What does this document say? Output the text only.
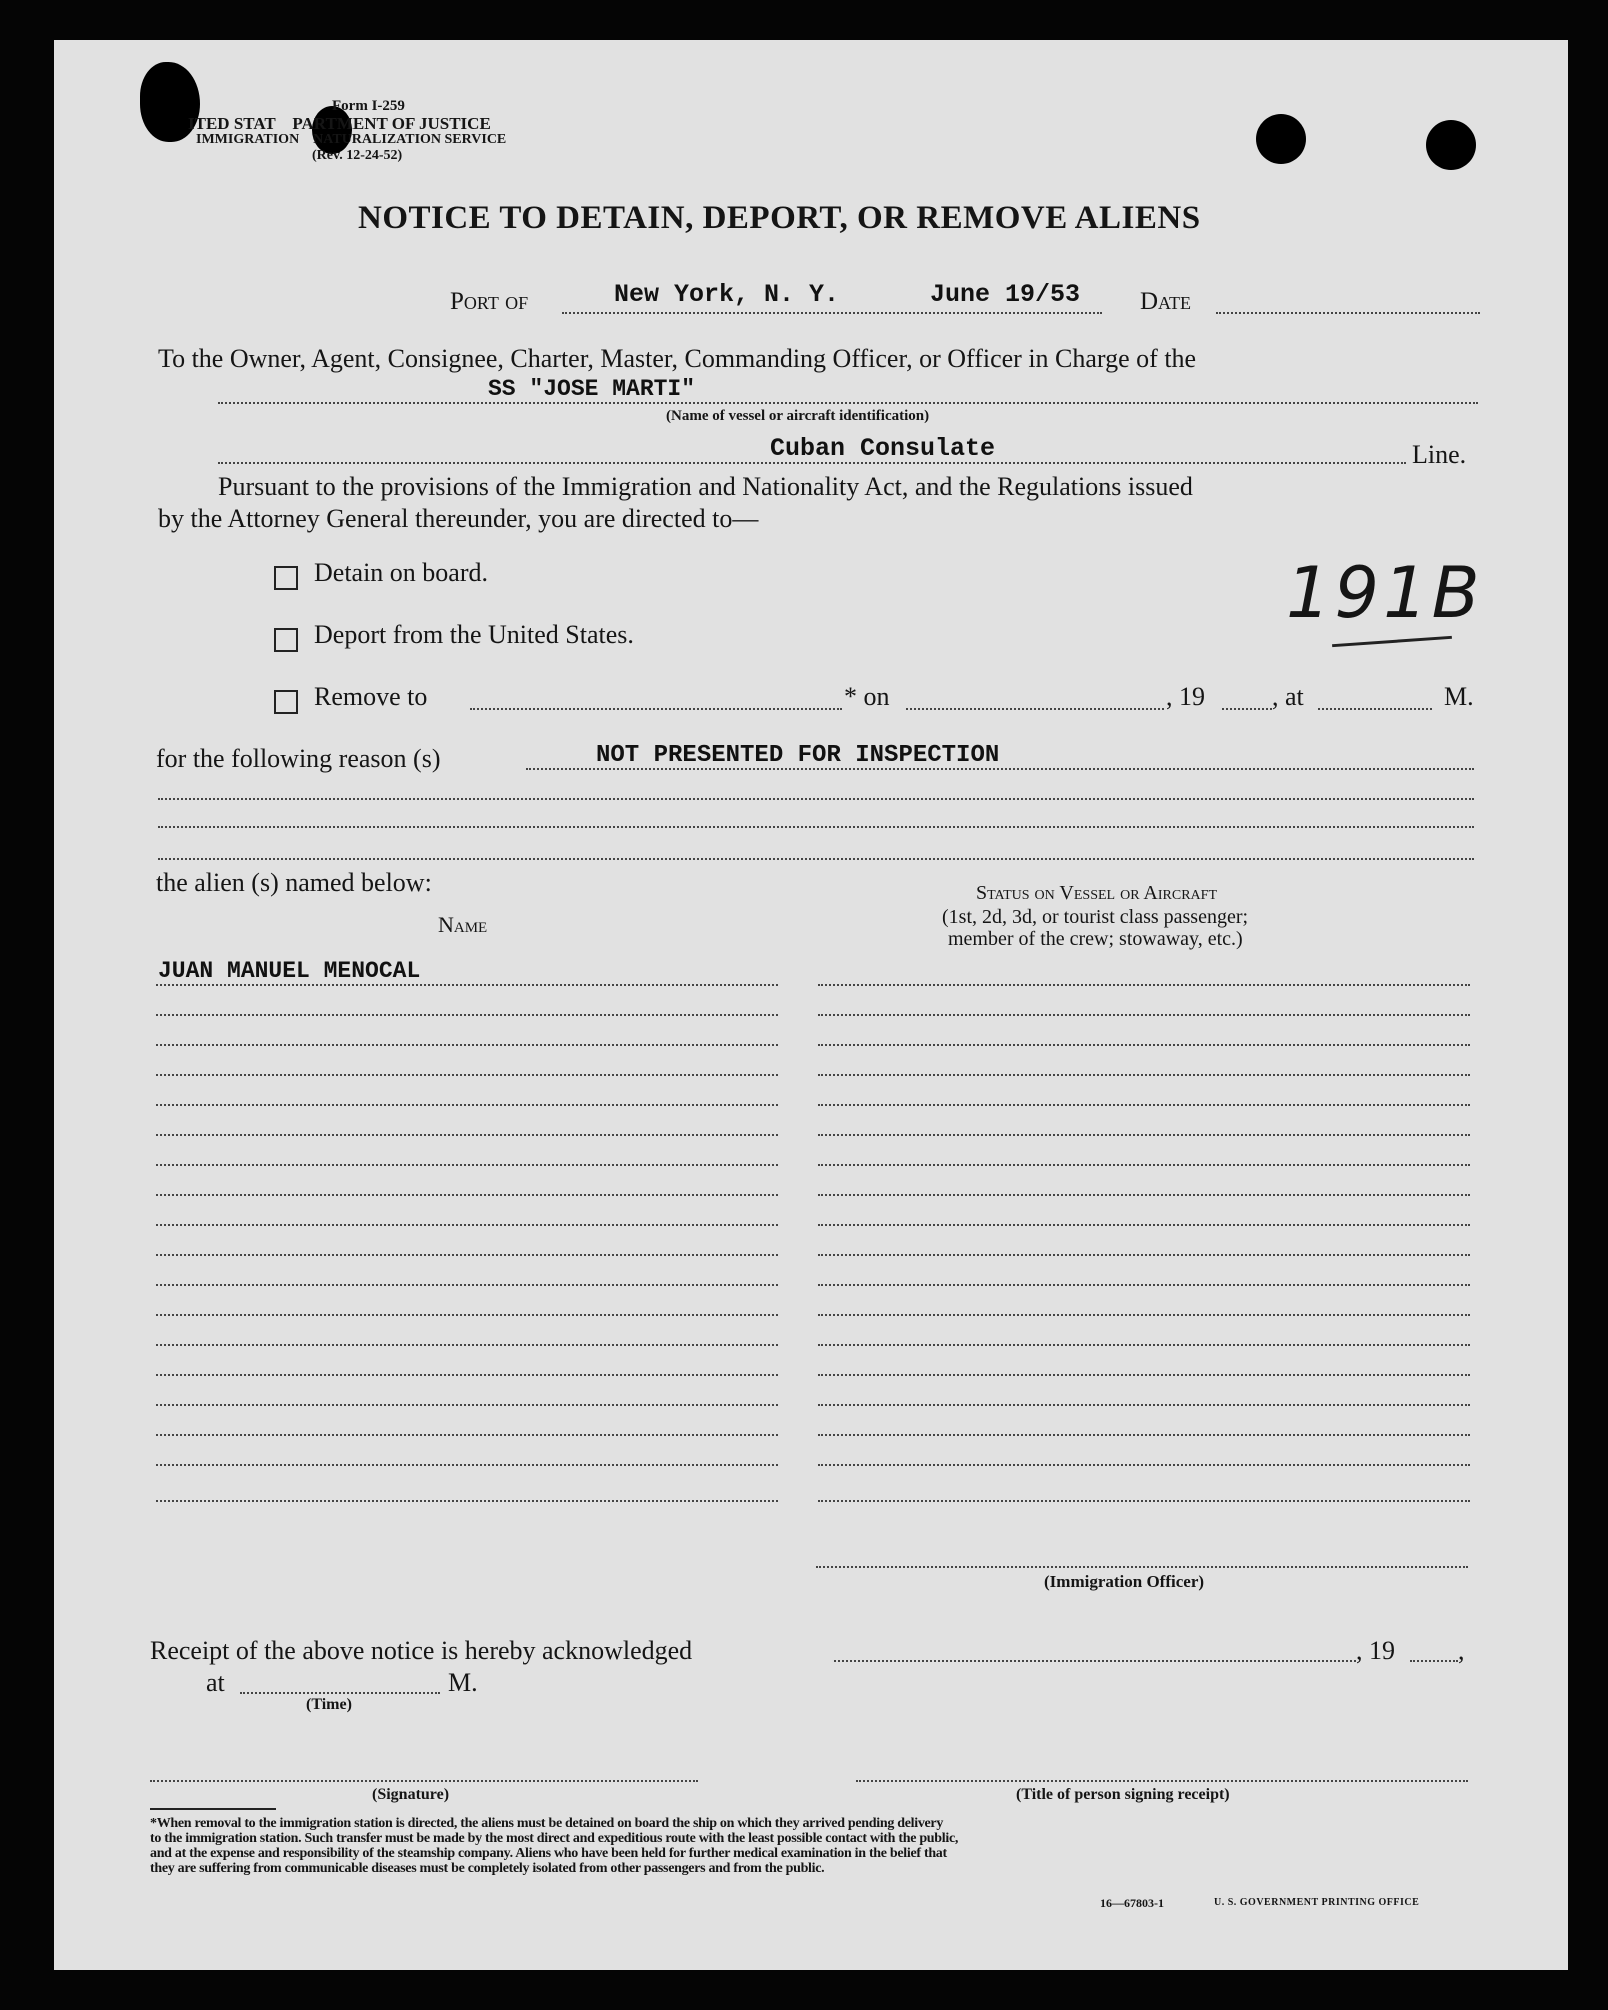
Form I-259
ITED STAT    PARTMENT OF JUSTICE
IMMIGRATION    NATURALIZATION SERVICE
(Rev. 12-24-52)
NOTICE TO DETAIN, DEPORT, OR REMOVE ALIENS
Port of	New York, N. Y.	June 19/53 Date
To the Owner, Agent, Consignee, Charter, Master, Commanding Officer, or Officer in Charge of the
SS "JOSE MARTI"
(Name of vessel or aircraft identification)
Cuban Consulate	Line.
Pursuant to the provisions of the Immigration and Nationality Act, and the Regulations issued
by the Attorney General thereunder, you are directed to—
Detain on board.	191B
Deport from the United States.
Remove to	* on	, 19	, at	M.
for the following reason (s)	NOT PRESENTED FOR INSPECTION
the alien (s) named below:
Name
Status on Vessel or Aircraft
(1st, 2d, 3d, or tourist class passenger;
member of the crew; stowaway, etc.)
JUAN MANUEL MENOCAL
(Immigration Officer)
Receipt of the above notice is hereby acknowledged	, 19 ,
at	M.
(Time)
(Signature)	(Title of person signing receipt)
*When removal to the immigration station is directed, the aliens must be detained on board the ship on which they arrived pending delivery
to the immigration station. Such transfer must be made by the most direct and expeditious route with the least possible contact with the public,
and at the expense and responsibility of the steamship company. Aliens who have been held for further medical examination in the belief that
they are suffering from communicable diseases must be completely isolated from other passengers and from the public.
16—67803-1	U. S. GOVERNMENT PRINTING OFFICE
